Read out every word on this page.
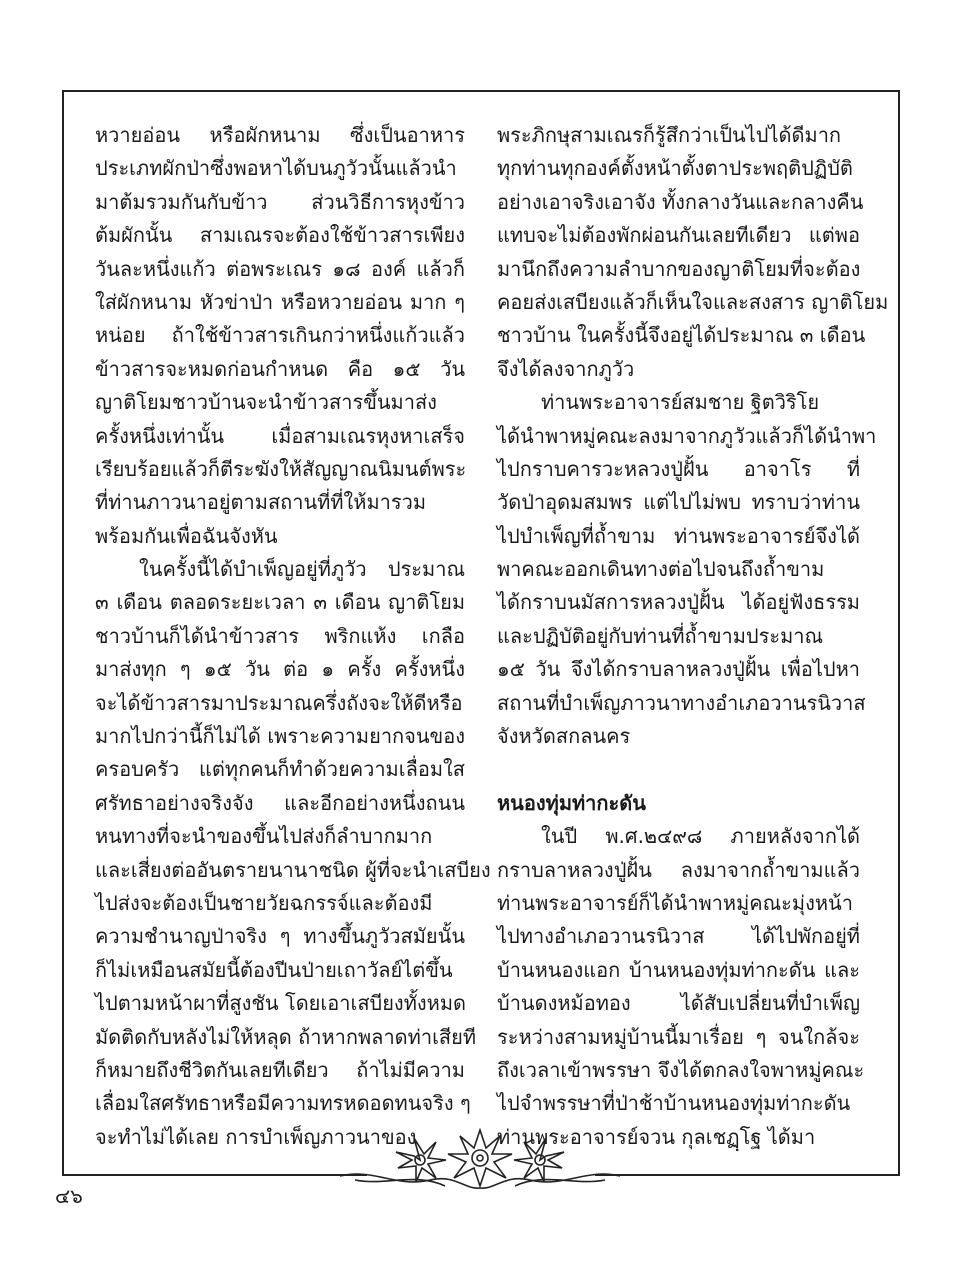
หวายอ่อน หรือผักหนาม ซึ่งเป็นอาหาร
ประเภทผักป่าซึ่งพอหาได้บนภูวัวนั้นแล้วนำ
มาต้มรวมกันกับข้าว ส่วนวิธีการหุงข้าว
ต้มผักนั้น สามเณรจะต้องใช้ข้าวสารเพียง
วันละหนึ่งแก้ว ต่อพระเณร ๑๘ องค์ แล้วก็
ใส่ผักหนาม หัวข่าป่า หรือหวายอ่อน มาก ๆ
หน่อย ถ้าใช้ข้าวสารเกินกว่าหนึ่งแก้วแล้ว
ข้าวสารจะหมดก่อนกำหนด คือ ๑๕ วัน
ญาติโยมชาวบ้านจะนำข้าวสารขึ้นมาส่ง
ครั้งหนึ่งเท่านั้น เมื่อสามเณรหุงหาเสร็จ
เรียบร้อยแล้วก็ตีระฆังให้สัญญาณนิมนต์พระ
ที่ท่านภาวนาอยู่ตามสถานที่ที่ให้มารวม
พร้อมกันเพื่อฉันจังหัน
ในครั้งนี้ได้บำเพ็ญอยู่ที่ภูวัว ประมาณ
๓ เดือน ตลอดระยะเวลา ๓ เดือน ญาติโยม
ชาวบ้านก็ได้นำข้าวสาร พริกแห้ง เกลือ
มาส่งทุก ๆ ๑๕ วัน ต่อ ๑ ครั้ง ครั้งหนึ่ง
จะได้ข้าวสารมาประมาณครึ่งถังจะให้ดีหรือ
มากไปกว่านี้ก็ไม่ได้ เพราะความยากจนของ
ครอบครัว แต่ทุกคนก็ทำด้วยความเลื่อมใส
ศรัทธาอย่างจริงจัง และอีกอย่างหนึ่งถนน
หนทางที่จะนำของขึ้นไปส่งก็ลำบากมาก
และเสี่ยงต่ออันตรายนานาชนิด ผู้ที่จะนำเสบียง
ไปส่งจะต้องเป็นชายวัยฉกรรจ์และต้องมี
ความชำนาญป่าจริง ๆ ทางขึ้นภูวัวสมัยนั้น
ก็ไม่เหมือนสมัยนี้ต้องปีนป่ายเถาวัลย์ไต่ขึ้น
ไปตามหน้าผาที่สูงชัน โดยเอาเสบียงทั้งหมด
มัดติดกับหลังไม่ให้หลุด ถ้าหากพลาดท่าเสียที
ก็หมายถึงชีวิตกันเลยทีเดียว ถ้าไม่มีความ
เลื่อมใสศรัทธาหรือมีความทรหดอดทนจริง ๆ
จะทำไม่ได้เลย การบำเพ็ญภาวนาของ
พระภิกษุสามเณรก็รู้สึกว่าเป็นไปได้ดีมาก
ทุกท่านทุกองค์ตั้งหน้าตั้งตาประพฤติปฏิบัติ
อย่างเอาจริงเอาจัง ทั้งกลางวันและกลางคืน
แทบจะไม่ต้องพักผ่อนกันเลยทีเดียว แต่พอ
มานึกถึงความลำบากของญาติโยมที่จะต้อง
คอยส่งเสบียงแล้วก็เห็นใจและสงสาร ญาติโยม
ชาวบ้าน ในครั้งนี้จึงอยู่ได้ประมาณ ๓ เดือน
จึงได้ลงจากภูวัว
ท่านพระอาจารย์สมชาย ฐิตวิริโย
ได้นำพาหมู่คณะลงมาจากภูวัวแล้วก็ได้นำพา
ไปกราบคารวะหลวงปู่ฝั้น อาจาโร ที่
วัดป่าอุดมสมพร แต่ไปไม่พบ ทราบว่าท่าน
ไปบำเพ็ญที่ถ้ำขาม ท่านพระอาจารย์จึงได้
พาคณะออกเดินทางต่อไปจนถึงถ้ำขาม
ได้กราบนมัสการหลวงปู่ฝั้น ได้อยู่ฟังธรรม
และปฏิบัติอยู่กับท่านที่ถ้ำขามประมาณ
๑๕ วัน จึงได้กราบลาหลวงปู่ฝั้น เพื่อไปหา
สถานที่บำเพ็ญภาวนาทางอำเภอวานรนิวาส
จังหวัดสกลนคร
หนองทุ่มท่ากะดัน
ในปี พ.ศ.๒๔๙๘ ภายหลังจากได้
กราบลาหลวงปู่ฝั้น ลงมาจากถ้ำขามแล้ว
ท่านพระอาจารย์ก็ได้นำพาหมู่คณะมุ่งหน้า
ไปทางอำเภอวานรนิวาส ได้ไปพักอยู่ที่
บ้านหนองแอก บ้านหนองทุ่มท่ากะดัน และ
บ้านดงหม้อทอง ได้สับเปลี่ยนที่บำเพ็ญ
ระหว่างสามหมู่บ้านนี้มาเรื่อย ๆ จนใกล้จะ
ถึงเวลาเข้าพรรษา จึงได้ตกลงใจพาหมู่คณะ
ไปจำพรรษาที่ป่าช้าบ้านหนองทุ่มท่ากะดัน
ท่านพระอาจารย์จวน กุลเชฏฺโฐ ได้มา
๔๖
